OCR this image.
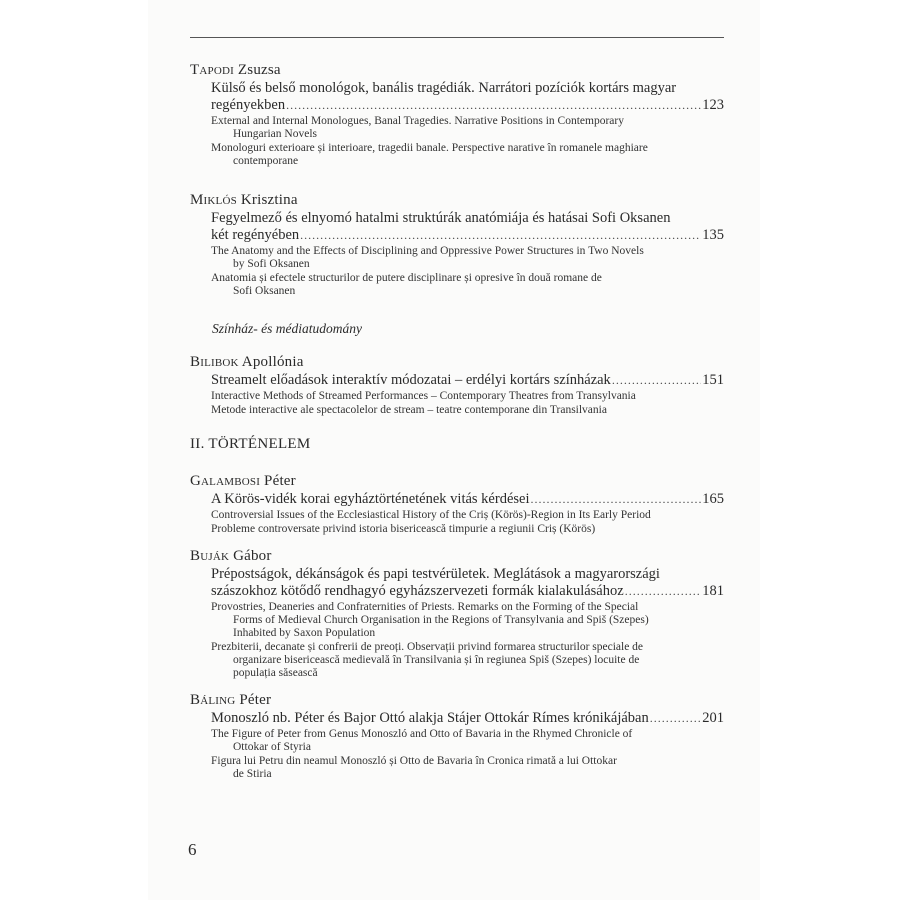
Tapodi Zsuzsa

Külső és belső monológok, banális tragédiák. Narrátori pozíciók kortárs magyar
regényekben .....	123
External and Internal Monologues, Banal Tragedies. Narrative Positions in Contemporary
Hungarian Novels
Monologuri exterioare și interioare, tragedii banale. Perspective narative în romanele maghiare
contemporane

Miklós Krisztina

Fegyelmező és elnyomó hatalmi struktúrák anatómiája és hatásai Sofi Oksanen
két regényében .....	135
The Anatomy and the Effects of Disciplining and Oppressive Power Structures in Two Novels
by Sofi Oksanen
Anatomia și efectele structurilor de putere disciplinare și opresive în două romane de
Sofi Oksanen

Színház- és médiatudomány

Bilibok Apollónia

Streamelt előadások interaktív módozatai – erdélyi kortárs színházak .....	151
Interactive Methods of Streamed Performances – Contemporary Theatres from Transylvania
Metode interactive ale spectacolelor de stream – teatre contemporane din Transilvania

II. TÖRTÉNELEM

Galambosi Péter

A Körös-vidék korai egyháztörténetének vitás kérdései .....	165
Controversial Issues of the Ecclesiastical History of the Criș (Körös)-Region in Its Early Period
Probleme controversate privind istoria bisericească timpurie a regiunii Criș (Körös)

Buják Gábor

Prépostságok, dékánságok és papi testvérületek. Meglátások a magyarországi
szászokhoz kötődő rendhagyó egyházszervezeti formák kialakulásához .....	181
Provostries, Deaneries and Confraternities of Priests. Remarks on the Forming of the Special
Forms of Medieval Church Organisation in the Regions of Transylvania and Spiš (Szepes)
Inhabited by Saxon Population
Prezbiterii, decanate și confrerii de preoți. Observații privind formarea structurilor speciale de
organizare bisericească medievală în Transilvania și în regiunea Spiš (Szepes) locuite de
populația săsească

Báling Péter

Monoszló nb. Péter és Bajor Ottó alakja Stájer Ottokár Rímes krónikájában .....	201
The Figure of Peter from Genus Monoszló and Otto of Bavaria in the Rhymed Chronicle of
Ottokar of Styria
Figura lui Petru din neamul Monoszló și Otto de Bavaria în Cronica rimată a lui Ottokar
de Stiria
6
